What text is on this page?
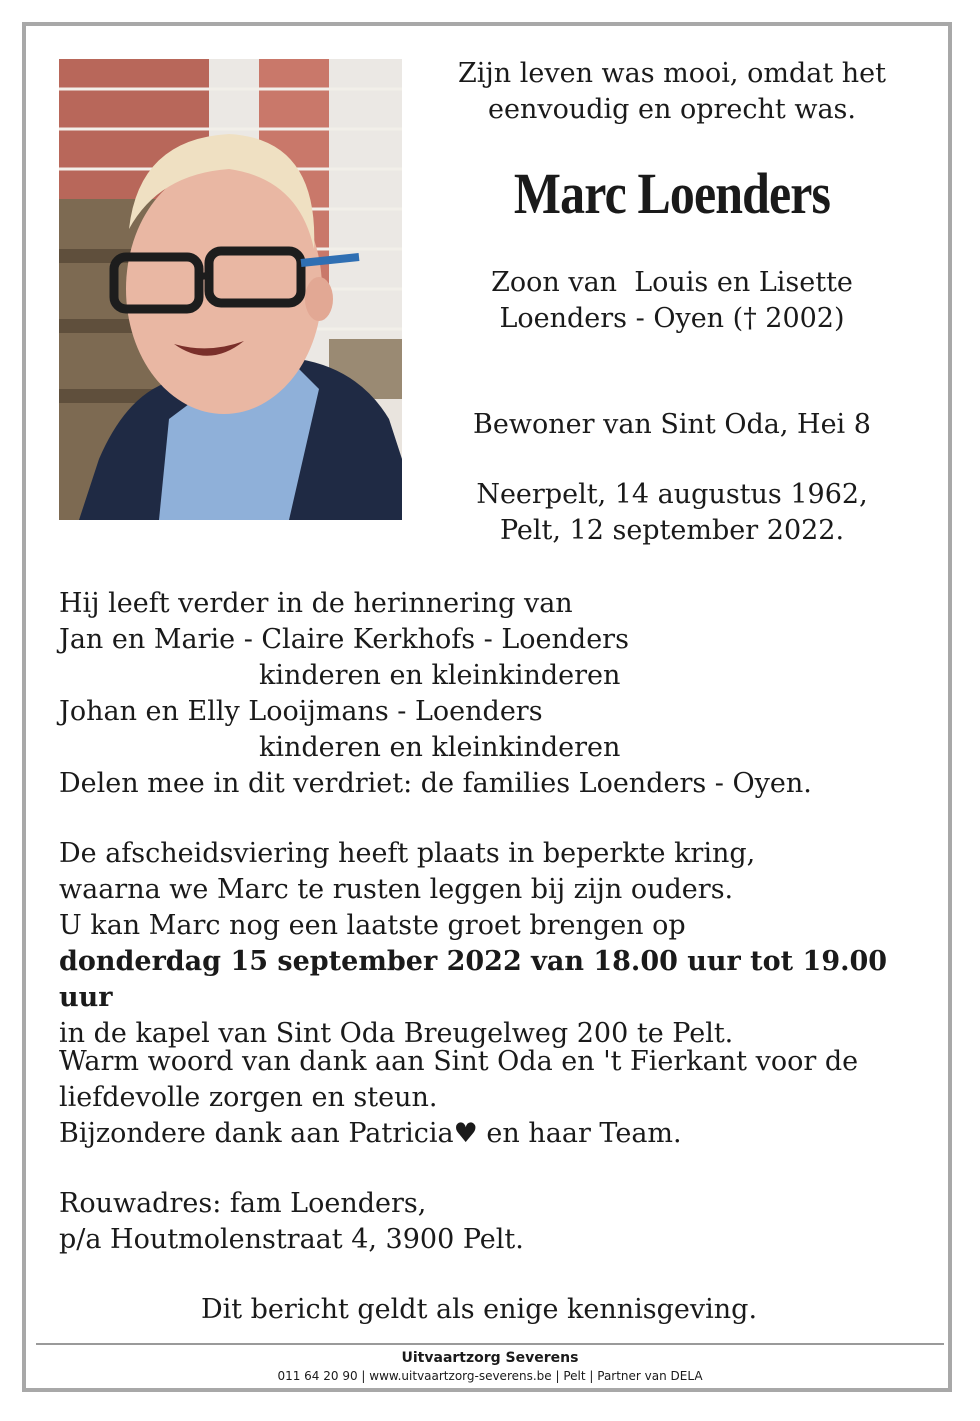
Zijn leven was mooi, omdat het

eenvoudig en oprecht was.

Marc Loenders

Zoon van  Louis en Lisette

Loenders - Oyen († 2002)

Bewoner van Sint Oda, Hei 8

Neerpelt, 14 augustus 1962,

Pelt, 12 september 2022.

Hij leeft verder in de herinnering van

Jan en Marie - Claire Kerkhofs - Loenders

kinderen en kleinkinderen

Johan en Elly Looijmans - Loenders

kinderen en kleinkinderen

Delen mee in dit verdriet: de families Loenders - Oyen.

De afscheidsviering heeft plaats in beperkte kring,

waarna we Marc te rusten leggen bij zijn ouders.

U kan Marc nog een laatste groet brengen op

donderdag 15 september 2022 van 18.00 uur tot 19.00 uur

in de kapel van Sint Oda Breugelweg 200 te Pelt.

Warm woord van dank aan Sint Oda en 't Fierkant voor de

liefdevolle zorgen en steun.

Bijzondere dank aan Patricia♥ en haar Team.

Rouwadres: fam Loenders,

p/a Houtmolenstraat 4, 3900 Pelt.

Dit bericht geldt als enige kennisgeving.

Uitvaartzorg Severens
011 64 20 90 | www.uitvaartzorg-severens.be | Pelt | Partner van DELA
